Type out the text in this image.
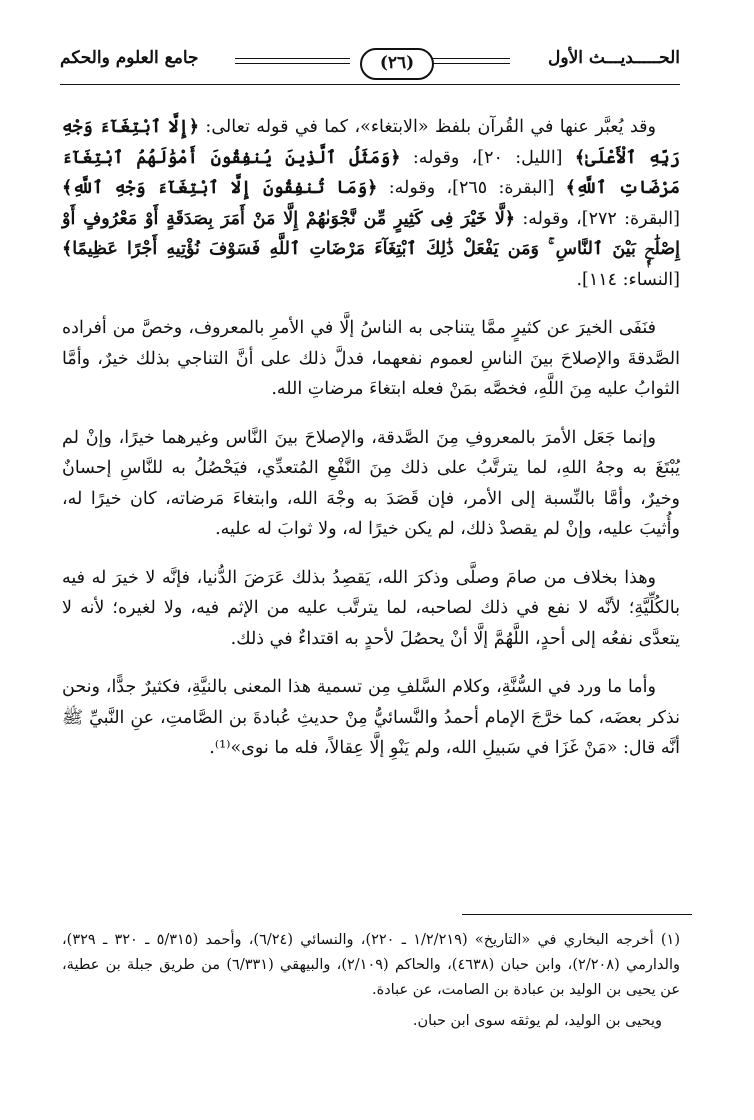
الحـــــديـــث الأول
(٢٦)
جامع العلوم والحكم

وقد يُعبَّر عنها في القُرآن بلفظ «الابتغاء»، كما في قوله تعالى: ﴿إِلَّا ٱبْتِغَآءَ وَجْهِ رَبِّهِ ٱلْأَعْلَىٰ﴾ [الليل: ٢٠]، وقوله: ﴿وَمَثَلُ ٱلَّذِينَ يُنفِقُونَ أَمْوَٰلَهُمُ ٱبْتِغَآءَ مَرْضَاتِ ٱللَّهِ﴾ [البقرة: ٢٦٥]، وقوله: ﴿وَمَا تُنفِقُونَ إِلَّا ٱبْتِغَآءَ وَجْهِ ٱللَّهِ﴾ [البقرة: ٢٧٢]، وقوله: ﴿لَّا خَيْرَ فِى كَثِيرٍ مِّن نَّجْوَىٰهُمْ إِلَّا مَنْ أَمَرَ بِصَدَقَةٍ أَوْ مَعْرُوفٍ أَوْ إِصْلَٰحٍۭ بَيْنَ ٱلنَّاسِ ۚ وَمَن يَفْعَلْ ذَٰلِكَ ٱبْتِغَآءَ مَرْضَاتِ ٱللَّهِ فَسَوْفَ نُؤْتِيهِ أَجْرًا عَظِيمًا﴾ [النساء: ١١٤].

فنَفَى الخيرَ عن كثيرٍ ممَّا يتناجى به الناسُ إلَّا في الأمرِ بالمعروف، وخصَّ من أفراده الصَّدقةَ والإصلاحَ بينَ الناسِ لعموم نفعهما، فدلَّ ذلك على أنَّ التناجي بذلك خيرٌ، وأمَّا الثوابُ عليه مِنَ اللَّهِ، فخصَّه بمَنْ فعله ابتغاءَ مرضاتِ الله.

وإنما جَعَل الأمرَ بالمعروفِ مِنَ الصَّدقة، والإصلاحَ بينَ النَّاس وغيرهما خيرًا، وإنْ لم يُبْتَغَ به وجهُ اللهِ، لما يترتَّبُ على ذلك مِنَ النَّفْعِ المُتعدِّي، فيَحْصُلُ به للنَّاسِ إحسانٌ وخيرٌ، وأمَّا بالنِّسبة إلى الأمر، فإن قَصَدَ به وجْهَ الله، وابتغاءَ مَرضاته، كان خيرًا له، وأُثيبَ عليه، وإنْ لم يقصدْ ذلك، لم يكن خيرًا له، ولا ثوابَ له عليه.

وهذا بخلاف من صامَ وصلَّى وذكرَ الله، يَقصِدُ بذلك عَرَضَ الدُّنيا، فإنَّه لا خيرَ له فيه بالكُلِّيَّةِ؛ لأنَّه لا نفع في ذلك لصاحبه، لما يترتَّب عليه من الإثم فيه، ولا لغيره؛ لأنه لا يتعدَّى نفعُه إلى أحدٍ، اللَّهُمَّ إلَّا أنْ يحصُلَ لأحدٍ به اقتداءٌ في ذلك.

وأما ما ورد في السُّنَّةِ، وكلام السَّلفِ مِن تسمية هذا المعنى بالنيَّةِ، فكثيرٌ جدًّا، ونحن نذكر بعضَه، كما خرَّجَ الإمام أحمدُ والنَّسائيُّ مِنْ حديثِ عُبادةَ بن الصَّامتِ، عنِ النَّبيِّ ﷺ أنَّه قال: «مَنْ غَزَا في سَبيلِ الله، ولم يَنْوِ إلَّا عِقالاً، فله ما نوى»⁽¹⁾.

(١) أخرجه البخاري في «التاريخ» (١/٢/٢١٩ ـ ٢٢٠)، والنسائي (٦/٢٤)، وأحمد (٥/٣١٥ ـ ٣٢٠ ـ ٣٢٩)، والدارمي (٢/٢٠٨)، وابن حبان (٤٦٣٨)، والحاكم (٢/١٠٩)، والبيهقي (٦/٣٣١) من طريق جبلة بن عطية، عن يحيى بن الوليد بن عبادة بن الصامت، عن عبادة.

ويحيى بن الوليد، لم يوثقه سوى ابن حبان.
